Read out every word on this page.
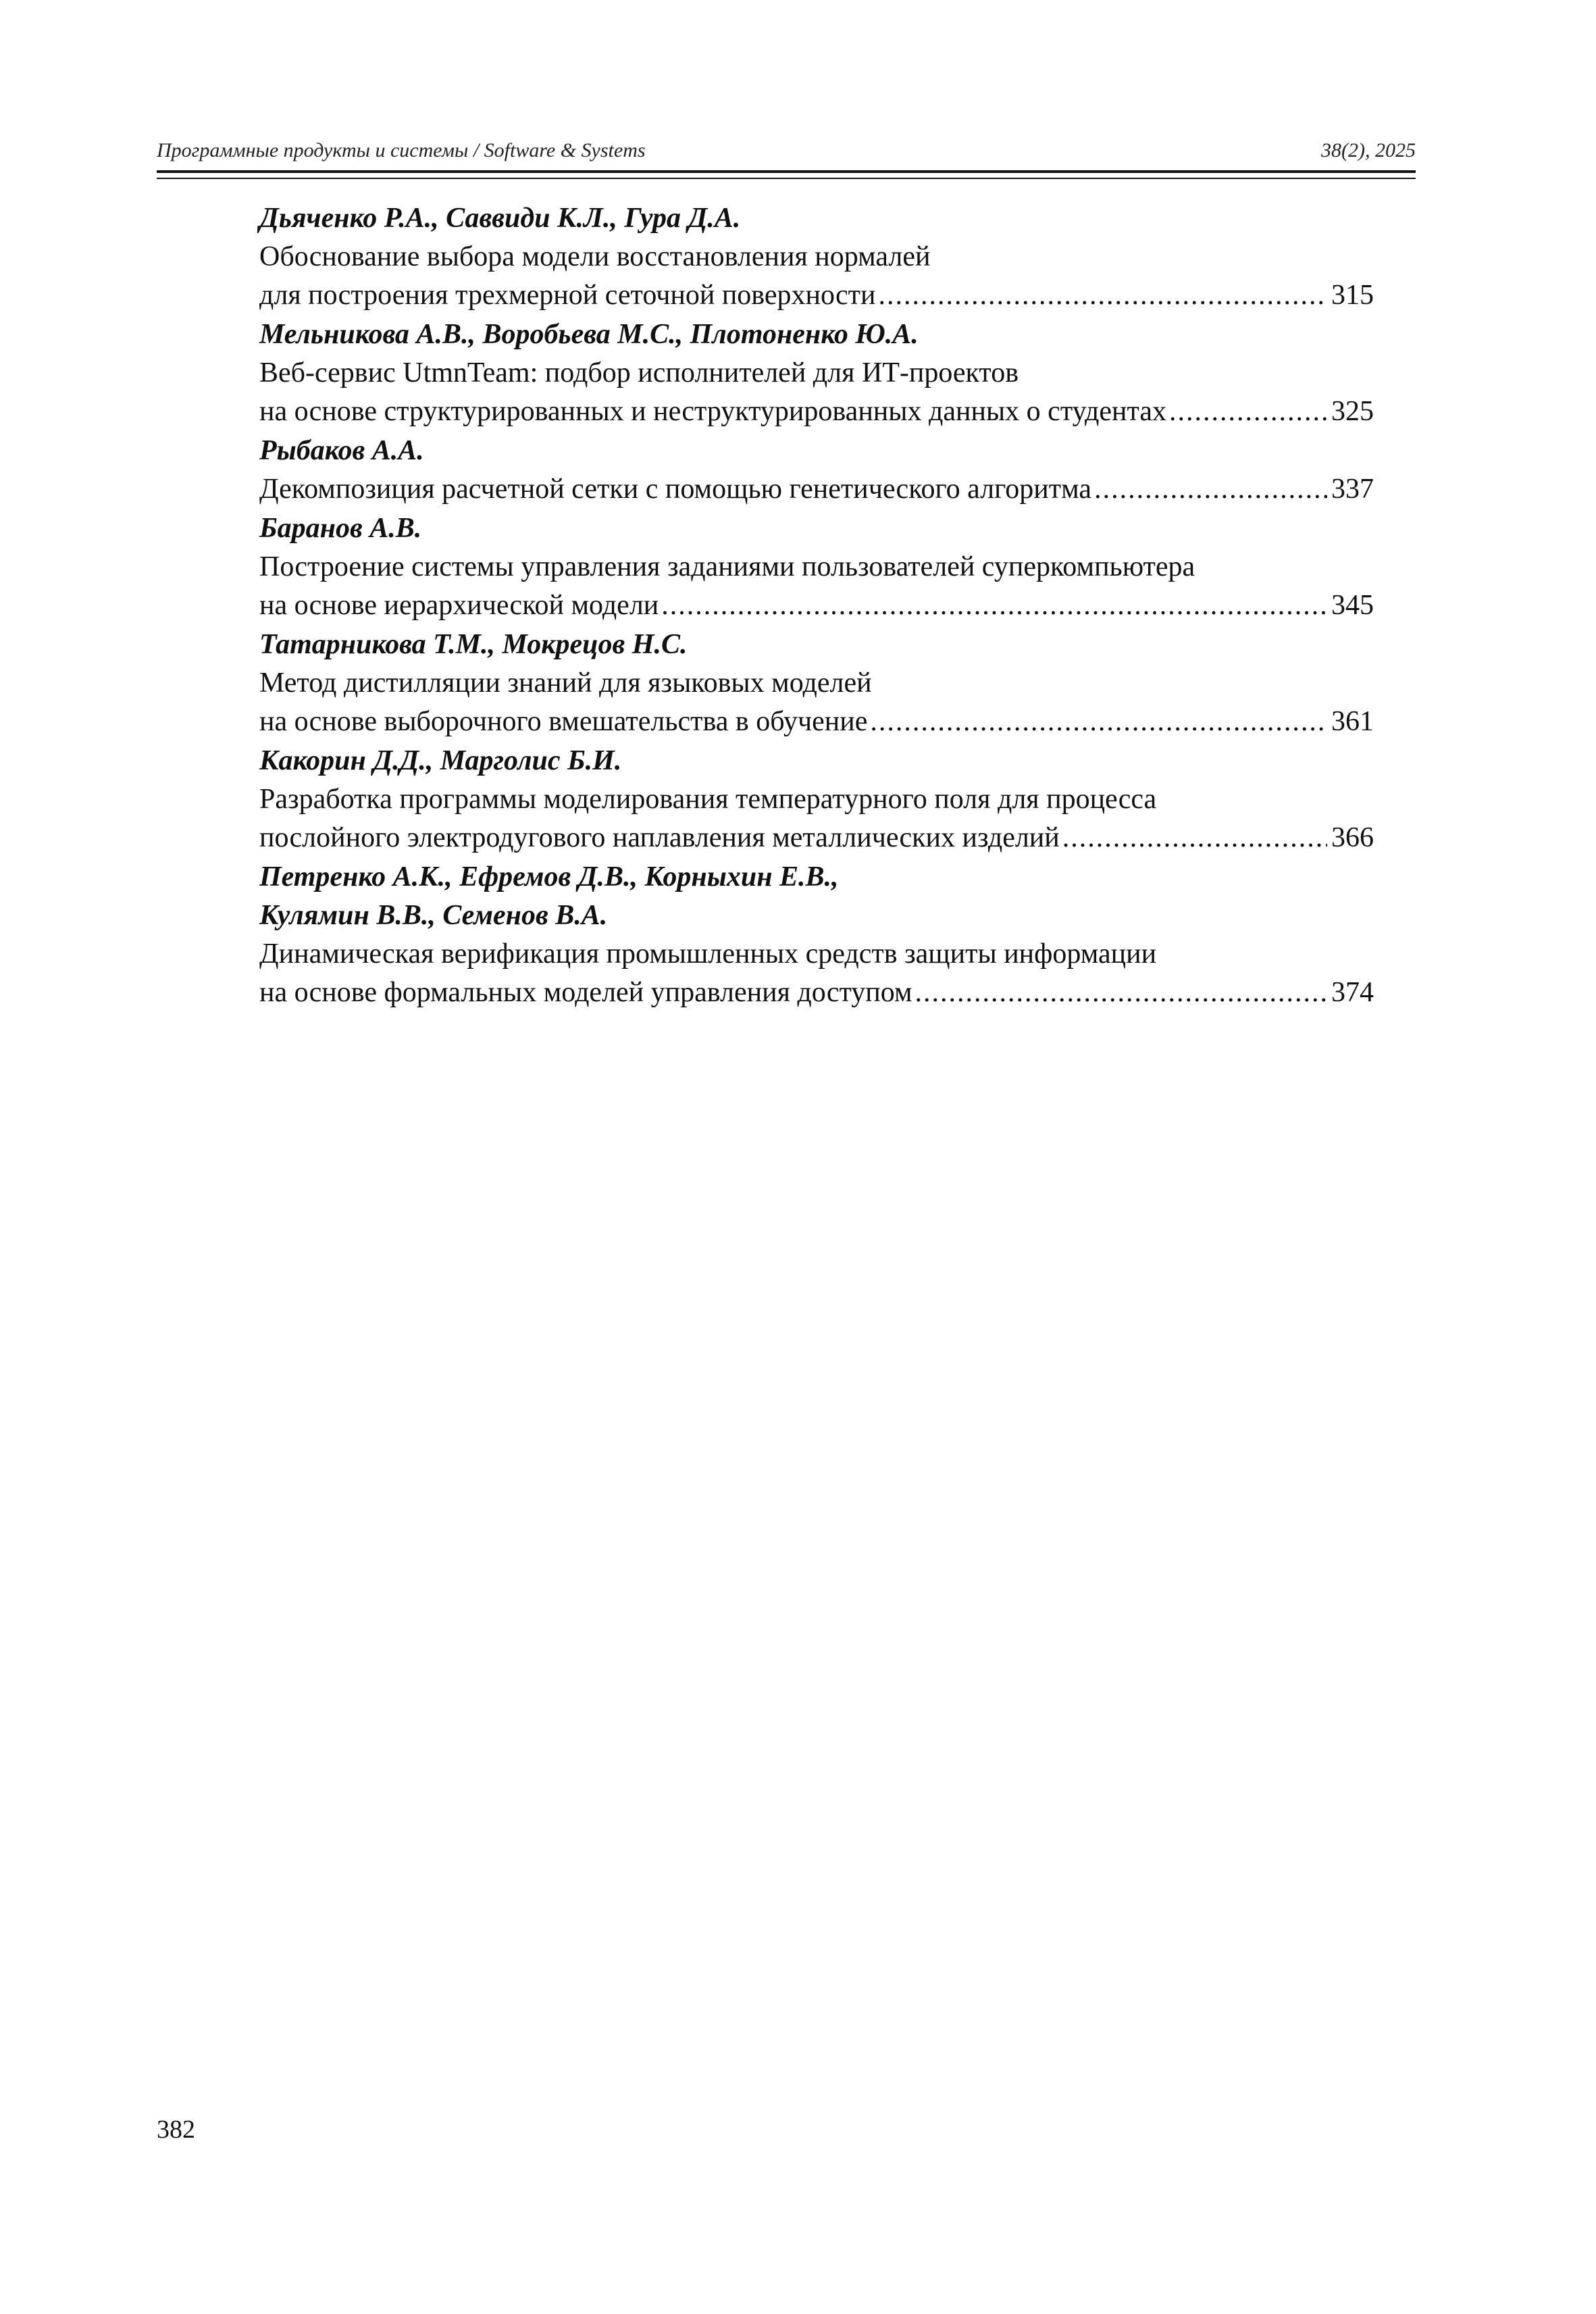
Программные продукты и системы / Software & Systems	38(2), 2025
Дьяченко Р.А., Саввиди К.Л., Гура Д.А.
Обоснование выбора модели восстановления нормалей
для построения трехмерной сеточной поверхности .....	315
Мельникова А.В., Воробьева М.С., Плотоненко Ю.А.
Веб-сервис UtmnTeam: подбор исполнителей для ИТ-проектов
на основе структурированных и неструктурированных данных о студентах .....	325
Рыбаков А.А.
Декомпозиция расчетной сетки с помощью генетического алгоритма .....	337
Баранов А.В.
Построение системы управления заданиями пользователей суперкомпьютера
на основе иерархической модели .....	345
Татарникова Т.М., Мокрецов Н.С.
Метод дистилляции знаний для языковых моделей
на основе выборочного вмешательства в обучение .....	361
Какорин Д.Д., Марголис Б.И.
Разработка программы моделирования температурного поля для процесса
послойного электродугового наплавления металлических изделий .....	366
Петренко А.К., Ефремов Д.В., Корныхин Е.В.,
Кулямин В.В., Семенов В.А.
Динамическая верификация промышленных средств защиты информации
на основе формальных моделей управления доступом .....	374
382
